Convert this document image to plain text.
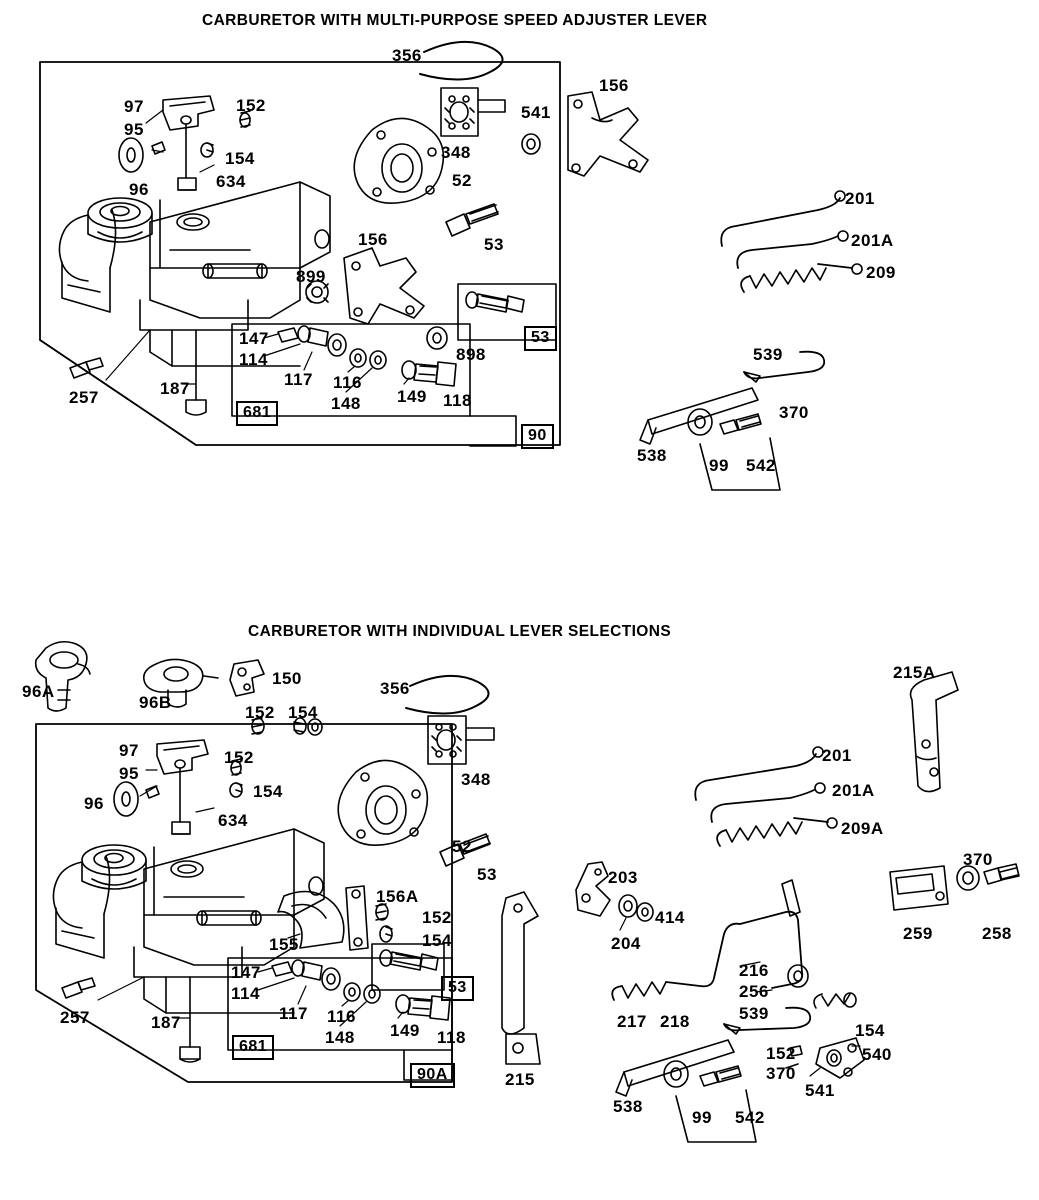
CARBURETOR WITH MULTI-PURPOSE SPEED ADJUSTER LEVER
CARBURETOR WITH INDIVIDUAL LEVER SELECTIONS
356
156
541
97	152
95
154	348
96	634	52
201
156	201A
53
209
899
53
147
539
114	898
117
257	187	116
149 118
148	370
681
90
538
99 542
215A
150
356
96A
96B
152 154
97	152	201
95	348
154	201A
96
634	209A
52
53
370
203
156A
414
152
154	204
259	258
155
216
147
53	256
114
539
117
187	217 218
116
149	154
257
148	118
152
681
370
540
90A	215
541
538
99 542
